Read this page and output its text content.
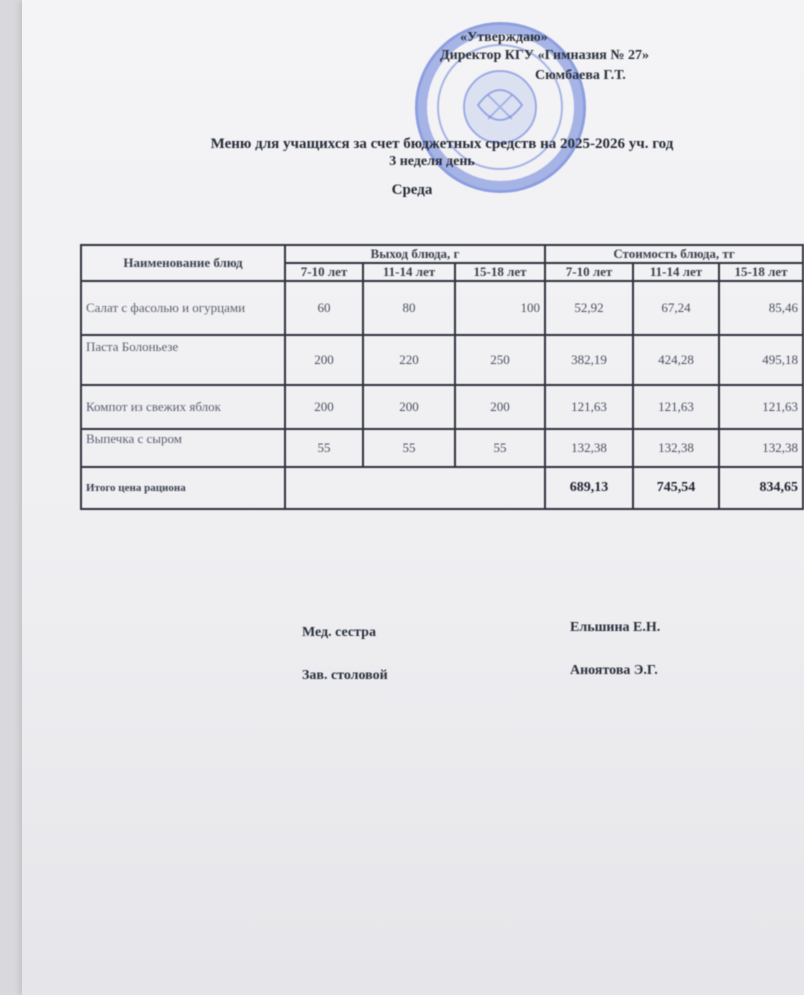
«Утверждаю»
Директор КГУ «Гимназия № 27»
Сюмбаева Г.Т.
Меню для учащихся за счет бюджетных средств на 2025-2026 уч. год
3 неделя день
Среда
Наименование блюд	Выход блюда, г			Стоимость блюда, тг		
	7-10 лет	11-14 лет	15-18 лет	7-10 лет	11-14 лет	15-18 лет
Салат с фасолью и огурцами	60	80	100	52,92	67,24	85,46
Паста Болоньезе	200	220	250	382,19	424,28	495,18
Компот из свежих яблок	200	200	200	121,63	121,63	121,63
Выпечка с сыром	55	55	55	132,38	132,38	132,38
Итого цена рациона				689,13	745,54	834,65
Мед. сестра	Ельшина Е.Н.
Зав. столовой	Аноятова Э.Г.
